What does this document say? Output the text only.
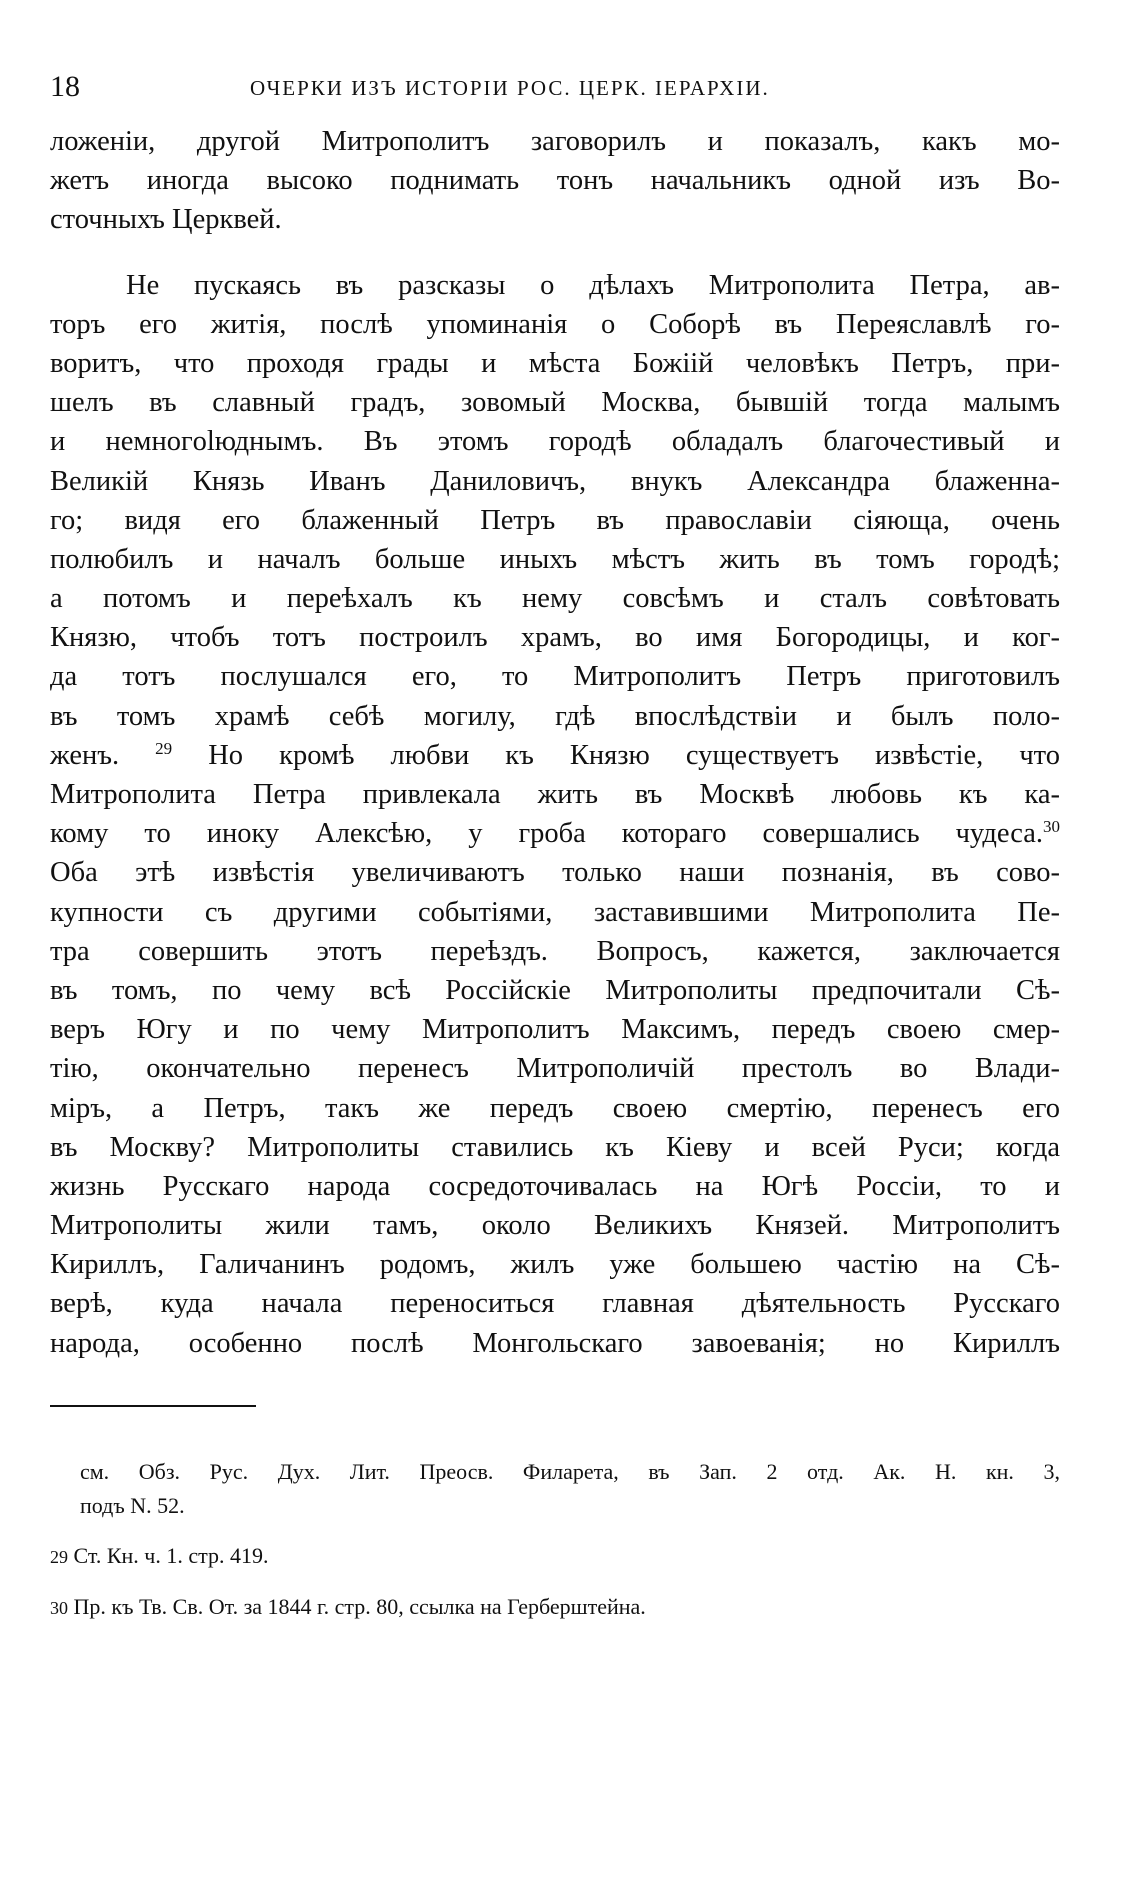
18	ОЧЕРКИ ИЗЪ ИСТОРІИ РОС. ЦЕРК. ІЕРАРХІИ.
ложеніи, другой Митрополитъ заговорилъ и показалъ, какъ мо-
жетъ иногда высоко поднимать тонъ начальникъ одной изъ Во-
сточныхъ Церквей.
Не пускаясь въ разсказы о дѣлахъ Митрополита Петра, ав-
торъ его житія, послѣ упоминанія о Соборѣ въ Переяславлѣ го-
воритъ, что проходя грады и мѣста Божіій человѣкъ Петръ, при-
шелъ въ славный градъ, зовомый Москва, бывшій тогда малымъ
и немногolюднымъ. Въ этомъ городѣ обладалъ благочестивый и
Великій Князь Иванъ Даниловичъ, внукъ Александра блаженна-
го; видя его блаженный Петръ въ православіи сіяюща, очень
полюбилъ и началъ больше иныхъ мѣстъ жить въ томъ городѣ;
а потомъ и переѣхалъ къ нему совсѣмъ и сталъ совѣтовать
Князю, чтобъ тотъ построилъ храмъ, во имя Богородицы, и ког-
да тотъ послушался его, то Митрополитъ Петръ приготовилъ
въ томъ храмѣ себѣ могилу, гдѣ впослѣдствіи и былъ поло-
женъ. $^{29}$ Но кромѣ любви къ Князю существуетъ извѣстіе, что
Митрополита Петра привлекала жить въ Москвѣ любовь къ ка-
кому то иноку Алексѣю, у гроба котораго совершались чудеса.$^{30}$
Оба этѣ извѣстія увеличиваютъ только наши познанія, въ сово-
купности съ другими событіями, заставившими Митрополита Пе-
тра совершить этотъ переѣздъ. Вопросъ, кажется, заключается
въ томъ, по чему всѣ Россійскіе Митрополиты предпочитали Сѣ-
веръ Югу и по чему Митрополитъ Максимъ, передъ своею смер-
тію, окончательно перенесъ Митрополичій престолъ во Влади-
міръ, а Петръ, такъ же передъ своею смертію, перенесъ его
въ Москву? Митрополиты ставились къ Кіеву и всей Руси; когда
жизнь Русскаго народа сосредоточивалась на Югѣ Россіи, то и
Митрополиты жили тамъ, около Великихъ Князей. Митрополитъ
Кириллъ, Галичанинъ родомъ, жилъ уже большею частію на Сѣ-
верѣ, куда начала переноситься главная дѣятельность Русскаго
народа, особенно послѣ Монгольскаго завоеванія; но Кириллъ
см. Обз. Рус. Дух. Лит. Преосв. Филарета, въ Зап. 2 отд. Ак. Н. кн. 3,
подъ N. 52.
29 Ст. Кн. ч. 1. стр. 419.
30 Пр. къ Тв. Св. От. за 1844 г. стр. 80, ссылка на Герберштейна.
